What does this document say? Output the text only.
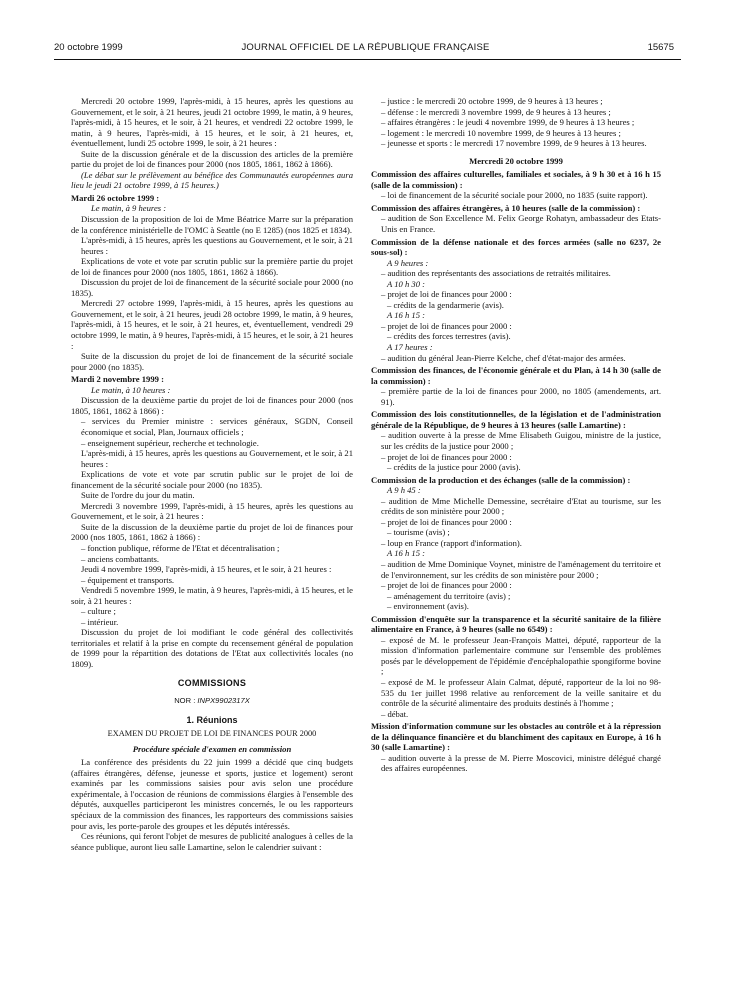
20 octobre 1999	JOURNAL OFFICIEL DE LA RÉPUBLIQUE FRANÇAISE	15675

Mercredi 20 octobre 1999, l'après-midi, à 15 heures, après les questions au Gouvernement, et le soir, à 21 heures, jeudi 21 octobre 1999, le matin, à 9 heures, l'après-midi, à 15 heures, et le soir, à 21 heures, et vendredi 22 octobre 1999, le matin, à 9 heures, l'après-midi, à 15 heures, et le soir, à 21 heures, et, éventuellement, lundi 25 octobre 1999, le soir, à 21 heures :

Suite de la discussion générale et de la discussion des articles de la première partie du projet de loi de finances pour 2000 (nos 1805, 1861, 1862 à 1866).

(Le débat sur le prélèvement au bénéfice des Communautés européennes aura lieu le jeudi 21 octobre 1999, à 15 heures.)

Mardi 26 octobre 1999 :

Le matin, à 9 heures :

Discussion de la proposition de loi de Mme Béatrice Marre sur la préparation de la conférence ministérielle de l'OMC à Seattle (no E 1285) (nos 1825 et 1834).

L'après-midi, à 15 heures, après les questions au Gouvernement, et le soir, à 21 heures :

Explications de vote et vote par scrutin public sur la première partie du projet de loi de finances pour 2000 (nos 1805, 1861, 1862 à 1866).

Discussion du projet de loi de financement de la sécurité sociale pour 2000 (no 1835).

Mercredi 27 octobre 1999, l'après-midi, à 15 heures, après les questions au Gouvernement, et le soir, à 21 heures, jeudi 28 octobre 1999, le matin, à 9 heures, l'après-midi, à 15 heures, et le soir, à 21 heures, et, éventuellement, vendredi 29 octobre 1999, le matin, à 9 heures, l'après-midi, à 15 heures, et le soir, à 21 heures :

Suite de la discussion du projet de loi de financement de la sécurité sociale pour 2000 (no 1835).

Mardi 2 novembre 1999 :

Le matin, à 10 heures :

Discussion de la deuxième partie du projet de loi de finances pour 2000 (nos 1805, 1861, 1862 à 1866) :

– services du Premier ministre : services généraux, SGDN, Conseil économique et social, Plan, Journaux officiels ;

– enseignement supérieur, recherche et technologie.

L'après-midi, à 15 heures, après les questions au Gouvernement, et le soir, à 21 heures :

Explications de vote et vote par scrutin public sur le projet de loi de financement de la sécurité sociale pour 2000 (no 1835).

Suite de l'ordre du jour du matin.

Mercredi 3 novembre 1999, l'après-midi, à 15 heures, après les questions au Gouvernement, et le soir, à 21 heures :

Suite de la discussion de la deuxième partie du projet de loi de finances pour 2000 (nos 1805, 1861, 1862 à 1866) :

– fonction publique, réforme de l'Etat et décentralisation ;

– anciens combattants.

Jeudi 4 novembre 1999, l'après-midi, à 15 heures, et le soir, à 21 heures :

– équipement et transports.

Vendredi 5 novembre 1999, le matin, à 9 heures, l'après-midi, à 15 heures, et le soir, à 21 heures :

– culture ;

– intérieur.

Discussion du projet de loi modifiant le code général des collectivités territoriales et relatif à la prise en compte du recensement général de population de 1999 pour la répartition des dotations de l'Etat aux collectivités locales (no 1809).

COMMISSIONS
NOR : INPX9902317X
1. Réunions
EXAMEN DU PROJET DE LOI DE FINANCES POUR 2000
Procédure spéciale d'examen en commission

La conférence des présidents du 22 juin 1999 a décidé que cinq budgets (affaires étrangères, défense, jeunesse et sports, justice et logement) seront examinés par les commissions saisies pour avis selon une procédure expérimentale, à l'occasion de réunions de commissions élargies à l'ensemble des députés, auxquelles participeront les ministres concernés, le ou les rapporteurs spéciaux de la commission des finances, les rapporteurs des commissions saisies pour avis, les porte-parole des groupes et les députés intéressés.

Ces réunions, qui feront l'objet de mesures de publicité analogues à celles de la séance publique, auront lieu salle Lamartine, selon le calendrier suivant :

– justice : le mercredi 20 octobre 1999, de 9 heures à 13 heures ;

– défense : le mercredi 3 novembre 1999, de 9 heures à 13 heures ;

– affaires étrangères : le jeudi 4 novembre 1999, de 9 heures à 13 heures ;

– logement : le mercredi 10 novembre 1999, de 9 heures à 13 heures ;

– jeunesse et sports : le mercredi 17 novembre 1999, de 9 heures à 13 heures.

Mercredi 20 octobre 1999

Commission des affaires culturelles, familiales et sociales, à 9 h 30 et à 16 h 15 (salle de la commission) :

– loi de financement de la sécurité sociale pour 2000, no 1835 (suite rapport).

Commission des affaires étrangères, à 10 heures (salle de la commission) :

– audition de Son Excellence M. Felix George Rohatyn, ambassadeur des Etats-Unis en France.

Commission de la défense nationale et des forces armées (salle no 6237, 2e sous-sol) :

A 9 heures :

– audition des représentants des associations de retraités militaires.

A 10 h 30 :

– projet de loi de finances pour 2000 :

– crédits de la gendarmerie (avis).

A 16 h 15 :

– projet de loi de finances pour 2000 :

– crédits des forces terrestres (avis).

A 17 heures :

– audition du général Jean-Pierre Kelche, chef d'état-major des armées.

Commission des finances, de l'économie générale et du Plan, à 14 h 30 (salle de la commission) :

– première partie de la loi de finances pour 2000, no 1805 (amendements, art. 91).

Commission des lois constitutionnelles, de la législation et de l'administration générale de la République, de 9 heures à 13 heures (salle Lamartine) :

– audition ouverte à la presse de Mme Elisabeth Guigou, ministre de la justice, sur les crédits de la justice pour 2000 ;

– projet de loi de finances pour 2000 :

– crédits de la justice pour 2000 (avis).

Commission de la production et des échanges (salle de la commission) :

A 9 h 45 :

– audition de Mme Michelle Demessine, secrétaire d'Etat au tourisme, sur les crédits de son ministère pour 2000 ;

– projet de loi de finances pour 2000 :

– tourisme (avis) ;

– loup en France (rapport d'information).

A 16 h 15 :

– audition de Mme Dominique Voynet, ministre de l'aménagement du territoire et de l'environnement, sur les crédits de son ministère pour 2000 ;

– projet de loi de finances pour 2000 :

– aménagement du territoire (avis) ;

– environnement (avis).

Commission d'enquête sur la transparence et la sécurité sanitaire de la filière alimentaire en France, à 9 heures (salle no 6549) :

– exposé de M. le professeur Jean-François Mattei, député, rapporteur de la mission d'information parlementaire commune sur l'ensemble des problèmes posés par le développement de l'épidémie d'encéphalopathie spongiforme bovine ;

– exposé de M. le professeur Alain Calmat, député, rapporteur de la loi no 98-535 du 1er juillet 1998 relative au renforcement de la veille sanitaire et du contrôle de la sécurité alimentaire des produits destinés à l'homme ;

– débat.

Mission d'information commune sur les obstacles au contrôle et à la répression de la délinquance financière et du blanchiment des capitaux en Europe, à 16 h 30 (salle Lamartine) :

– audition ouverte à la presse de M. Pierre Moscovici, ministre délégué chargé des affaires européennes.
